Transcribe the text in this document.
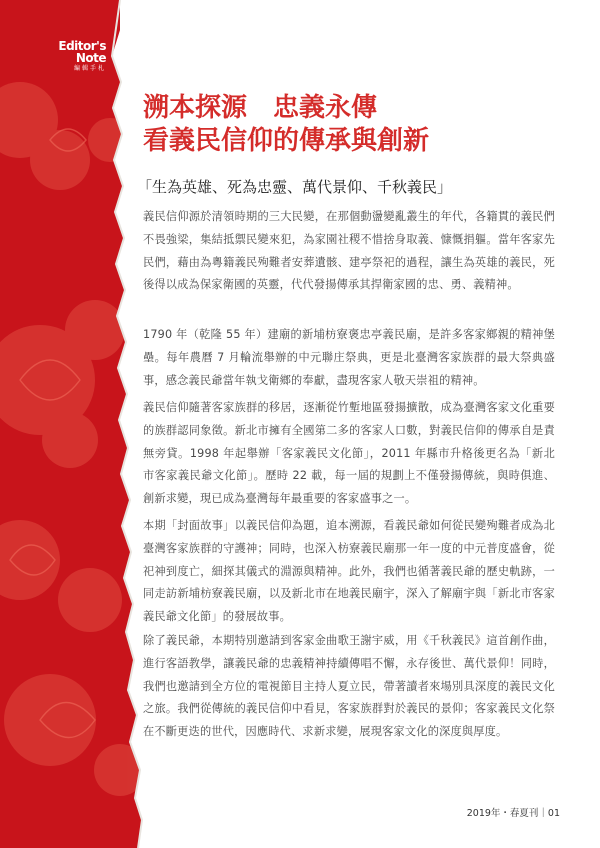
Editor's
Note
編輯手札
溯本探源　忠義永傳
看義民信仰的傳承與創新
「生為英雄、死為忠靈、萬代景仰、千秋義民」

義民信仰源於清領時期的三大民變，在那個動盪變亂叢生的年代，各籍貫的義民們不畏強梁，集結抵禦民變來犯，為家園社稷不惜捨身取義、慷慨捐軀。當年客家先民們，藉由為粵籍義民殉難者安葬遺骸、建亭祭祀的過程，讓生為英雄的義民，死後得以成為保家衛國的英靈，代代發揚傳承其捍衛家國的忠、勇、義精神。

1790 年（乾隆 55 年）建廟的新埔枋寮褒忠亭義民廟，是許多客家鄉親的精神堡壘。每年農曆 7 月輪流舉辦的中元聯庄祭典，更是北臺灣客家族群的最大祭典盛事，感念義民爺當年執戈衛鄉的奉獻，盡現客家人敬天崇祖的精神。

義民信仰隨著客家族群的移居，逐漸從竹塹地區發揚擴散，成為臺灣客家文化重要的族群認同象徵。新北市擁有全國第二多的客家人口數，對義民信仰的傳承自是責無旁貸。1998 年起舉辦「客家義民文化節」，2011 年縣市升格後更名為「新北市客家義民爺文化節」。歷時 22 載，每一屆的規劃上不僅發揚傳統，與時俱進、創新求變，現已成為臺灣每年最重要的客家盛事之一。

本期「封面故事」以義民信仰為題，追本溯源，看義民爺如何從民變殉難者成為北臺灣客家族群的守護神；同時，也深入枋寮義民廟那一年一度的中元普度盛會，從祀神到度亡，細探其儀式的淵源與精神。此外，我們也循著義民爺的歷史軌跡，一同走訪新埔枋寮義民廟，以及新北市在地義民廟宇，深入了解廟宇與「新北市客家義民爺文化節」的發展故事。

除了義民爺，本期特別邀請到客家金曲歌王謝宇威，用《千秋義民》這首創作曲，進行客語教學，讓義民爺的忠義精神持續傳唱不懈，永存後世、萬代景仰！同時，我們也邀請到全方位的電視節目主持人夏立民，帶著讀者來場別具深度的義民文化之旅。我們從傳統的義民信仰中看見，客家族群對於義民的景仰；客家義民文化祭在不斷更迭的世代，因應時代、求新求變，展現客家文化的深度與厚度。

2019年・春夏刊｜01
